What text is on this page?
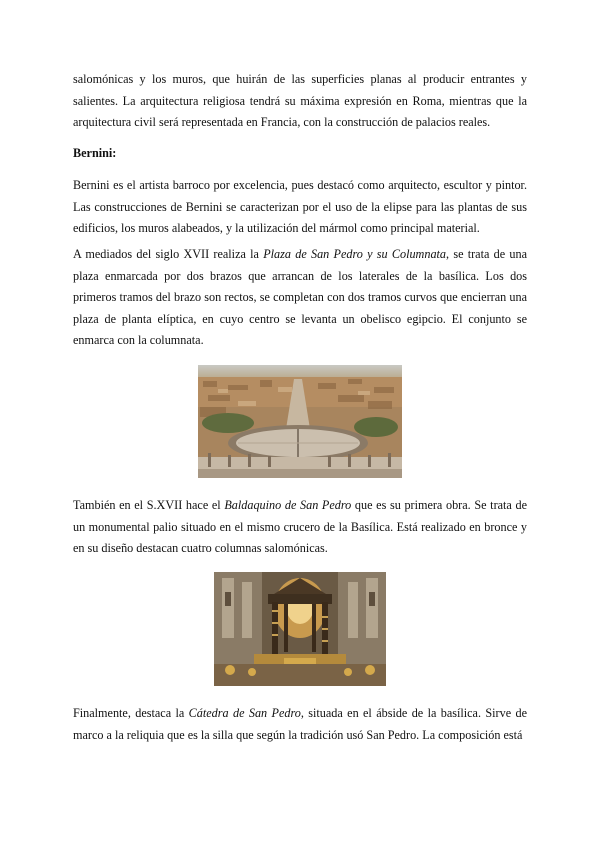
salomónicas y los muros, que huirán de las superficies planas al producir entrantes y salientes. La arquitectura religiosa tendrá su máxima expresión en Roma, mientras que la arquitectura civil será representada en Francia, con la construcción de palacios reales.

Bernini:

Bernini es el artista barroco por excelencia, pues destacó como arquitecto, escultor y pintor. Las construcciones de Bernini se caracterizan por el uso de la elipse para las plantas de sus edificios, los muros alabeados, y la utilización del mármol como principal material.

A mediados del siglo XVII realiza la Plaza de San Pedro y su Columnata, se trata de una plaza enmarcada por dos brazos que arrancan de los laterales de la basílica. Los dos primeros tramos del brazo son rectos, se completan con dos tramos curvos que encierran una plaza de planta elíptica, en cuyo centro se levanta un obelisco egipcio. El conjunto se enmarca con la columnata.

También en el S.XVII hace el Baldaquino de San Pedro que es su primera obra. Se trata de un monumental palio situado en el mismo crucero de la Basílica. Está realizado en bronce y en su diseño destacan cuatro columnas salomónicas.

Finalmente, destaca la Cátedra de San Pedro, situada en el ábside de la basílica. Sirve de marco a la reliquia que es la silla que según la tradición usó San Pedro. La composición está
